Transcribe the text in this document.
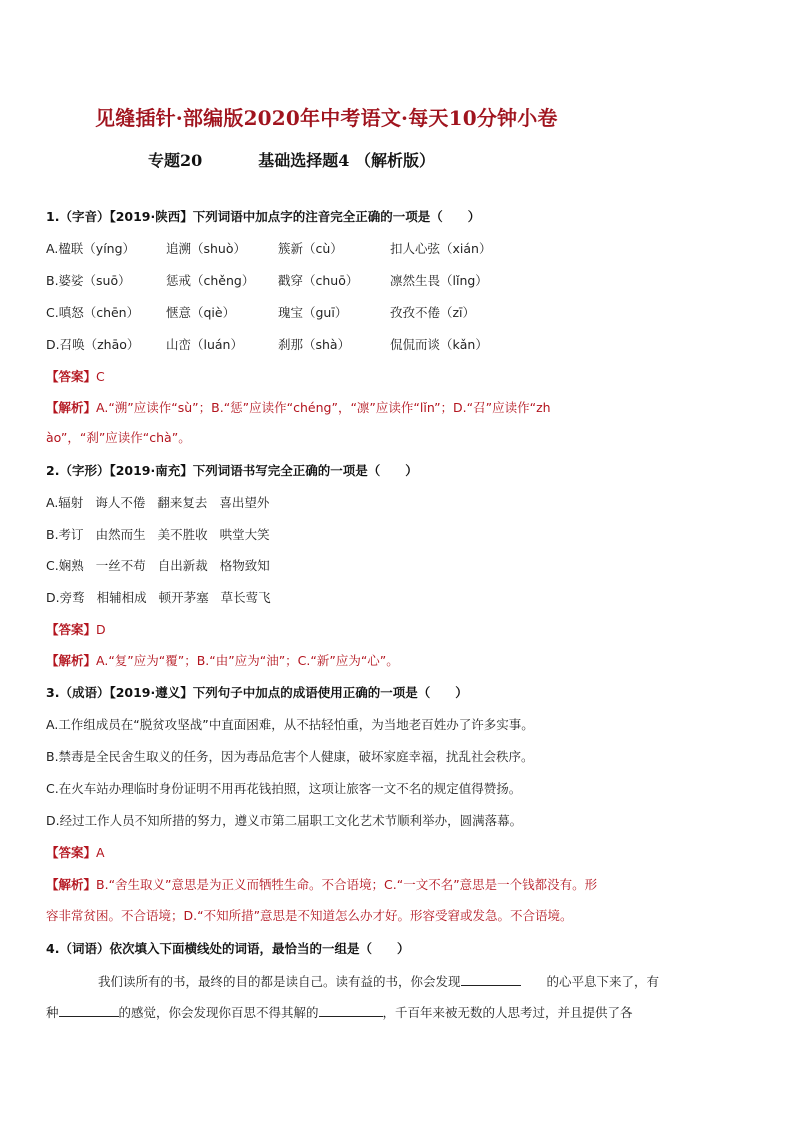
见缝插针·部编版2020年中考语文·每天10分钟小卷
专题20	基础选择题4 （解析版）
1.（字音）【2019·陕西】下列词语中加点字的注音完全正确的一项是（　　）
A.楹联（yíng） 追溯（shuò）	簇新（cù）	扣人心弦（xián）
B.婆娑（suō）	惩戒（chěng） 戳穿（chuō）	凛然生畏（lǐng）
C.嗔怒（chēn） 惬意（qiè）	瑰宝（guī）	孜孜不倦（zī）
D.召唤（zhāo） 山峦（luán）	刹那（shà）	侃侃而谈（kǎn）
【答案】C
【解析】A.“溯”应读作“sù”；B.“惩”应读作“chéng”，“凛”应读作“lǐn”；D.“召”应读作“zh
ào”，“刹”应读作“chà”。
2.（字形）【2019·南充】下列词语书写完全正确的一项是（　　）
A.辐射 诲人不倦 翻来复去 喜出望外
B.考订 由然而生 美不胜收 哄堂大笑
C.娴熟 一丝不苟 自出新裁 格物致知
D.旁骛 相辅相成 顿开茅塞 草长莺飞
【答案】D
【解析】A.“复”应为“覆”；B.“由”应为“油”；C.“新”应为“心”。
3.（成语）【2019·遵义】下列句子中加点的成语使用正确的一项是（　　）
A.工作组成员在“脱贫攻坚战”中直面困难，从不拈轻怕重，为当地老百姓办了许多实事。
B.禁毒是全民舍生取义的任务，因为毒品危害个人健康，破坏家庭幸福，扰乱社会秩序。
C.在火车站办理临时身份证明不用再花钱拍照，这项让旅客一文不名的规定值得赞扬。
D.经过工作人员不知所措的努力，遵义市第二届职工文化艺术节顺利举办，圆满落幕。
【答案】A
【解析】B.“舍生取义”意思是为正义而牺牲生命。不合语境；C.“一文不名”意思是一个钱都没有。形
容非常贫困。不合语境；D.“不知所措”意思是不知道怎么办才好。形容受窘或发急。不合语境。
4.（词语）依次填入下面横线处的词语，最恰当的一组是（　　）
我们读所有的书，最终的目的都是读自己。读有益的书，你会发现	的心平息下来了，有
种	的感觉，你会发现你百思不得其解的	，千百年来被无数的人思考过，并且提供了各
